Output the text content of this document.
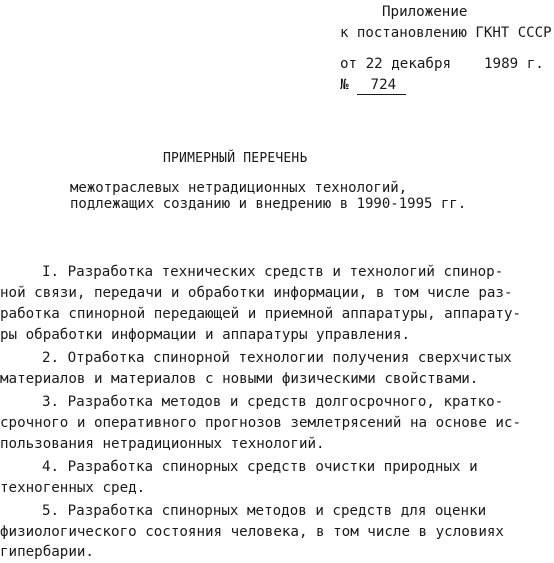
Приложение
к постановлению ГКНТ СССР
от 22 декабря 1989 г.
№ 724
ПРИМЕРНЫЙ ПЕРЕЧЕНЬ
межотраслевых нетрадиционных технологий,
подлежащих созданию и внедрению в 1990-1995 гг.
I. Разработка технических средств и технологий спинор-
ной связи, передачи и обработки информации, в том числе раз-
работка спинорной передающей и приемной аппаратуры, аппарату-
ры обработки информации и аппаратуры управления.
2. Отработка спинорной технологии получения сверхчистых
материалов и материалов с новыми физическими свойствами.
3. Разработка методов и средств долгосрочного, кратко-
срочного и оперативного прогнозов землетрясений на основе ис-
пользования нетрадиционных технологий.
4. Разработка спинорных средств очистки природных и
техногенных сред.
5. Разработка спинорных методов и средств для оценки
физиологического состояния человека, в том числе в условиях
гипербарии.
